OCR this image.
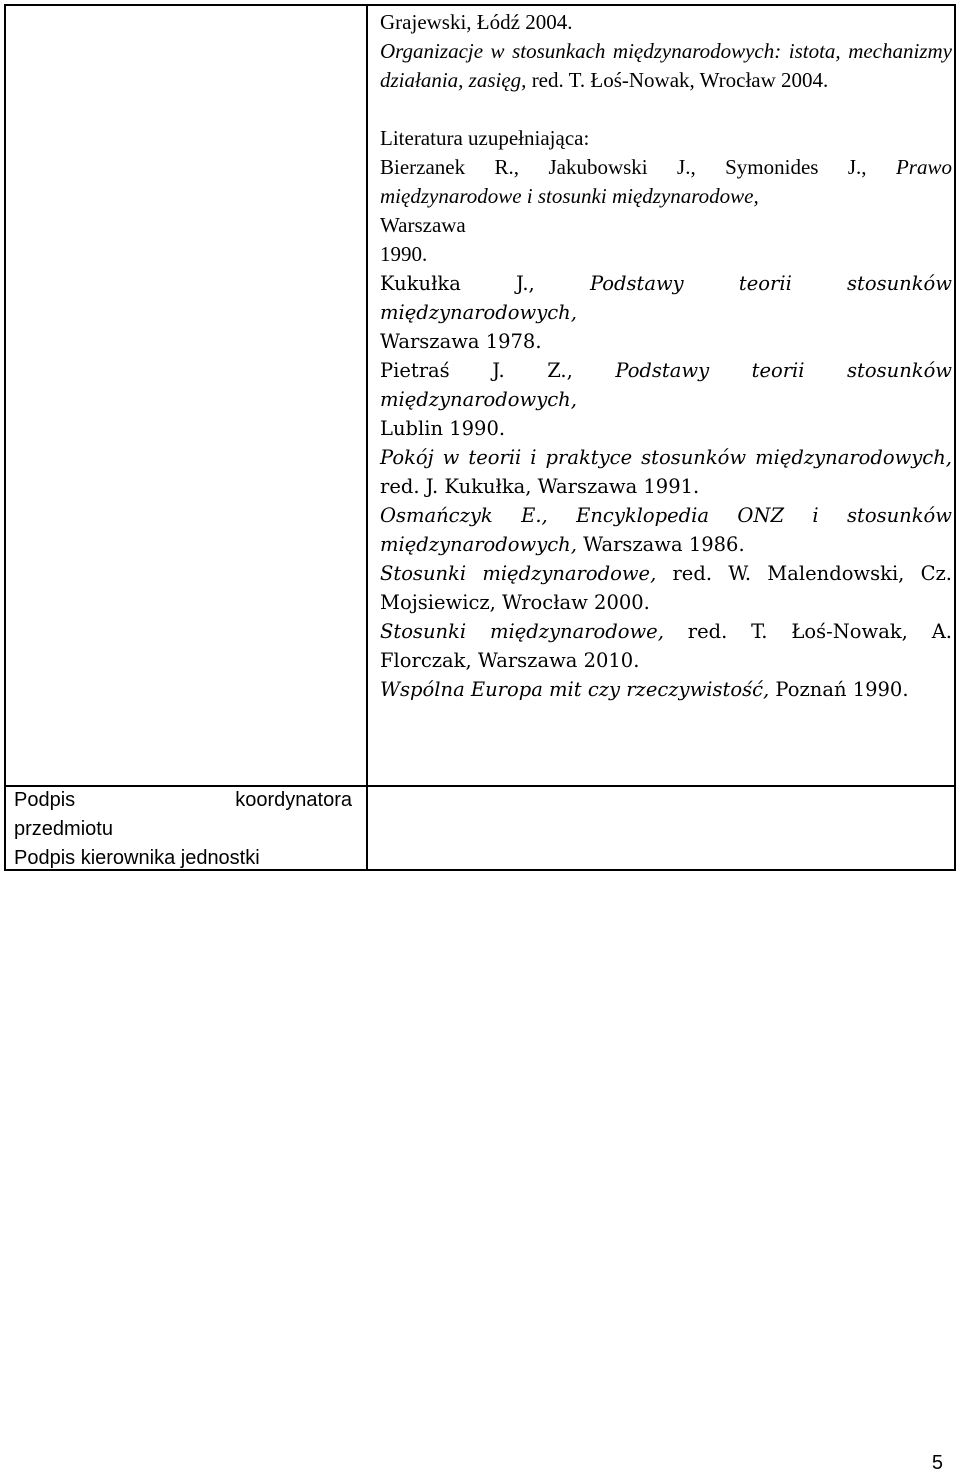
Grajewski, Łódź 2004.
Organizacje w stosunkach międzynarodowych: istota, mechanizmy działania, zasięg, red. T. Łoś-Nowak, Wrocław 2004.
Literatura uzupełniająca:
Bierzanek R., Jakubowski J., Symonides J., Prawo międzynarodowe i stosunki międzynarodowe,
Warszawa
1990.
Kukułka J., Podstawy teorii stosunków międzynarodowych,
Warszawa 1978.
Pietraś J. Z., Podstawy teorii stosunków międzynarodowych,
Lublin 1990.
Pokój w teorii i praktyce stosunków międzynarodowych, red. J. Kukułka, Warszawa 1991.
Osmańczyk E., Encyklopedia ONZ i stosunków międzynarodowych, Warszawa 1986.
Stosunki międzynarodowe, red. W. Malendowski, Cz. Mojsiewicz, Wrocław 2000.
Stosunki międzynarodowe, red. T. Łoś-Nowak, A. Florczak, Warszawa 2010.
Wspólna Europa mit czy rzeczywistość, Poznań 1990.
Podpis	koordynatora
przedmiotu
Podpis kierownika jednostki
5
